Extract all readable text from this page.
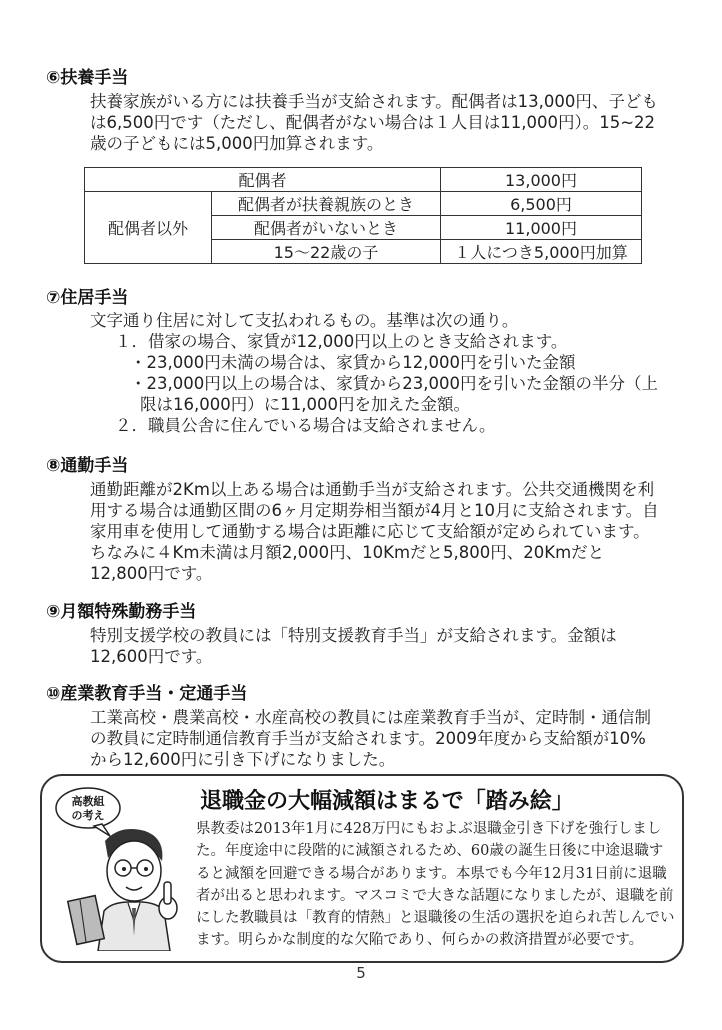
⑥扶養手当
扶養家族がいる方には扶養手当が支給されます。配偶者は13,000円、子ども
は6,500円です（ただし、配偶者がない場合は１人目は11,000円）。15~22
歳の子どもには5,000円加算されます。
配偶者		13,000円
配偶者以外	配偶者が扶養親族のとき	6,500円
	配偶者がいないとき	11,000円
	15～22歳の子	１人につき5,000円加算
⑦住居手当
文字通り住居に対して支払われるもの。基準は次の通り。
１．借家の場合、家賃が12,000円以上のとき支給されます。
・23,000円未満の場合は、家賃から12,000円を引いた金額
・23,000円以上の場合は、家賃から23,000円を引いた金額の半分（上
限は16,000円）に11,000円を加えた金額。
２．職員公舎に住んでいる場合は支給されません。
⑧通勤手当
通勤距離が2Km以上ある場合は通勤手当が支給されます。公共交通機関を利
用する場合は通勤区間の6ヶ月定期券相当額が4月と10月に支給されます。自
家用車を使用して通勤する場合は距離に応じて支給額が定められています。
ちなみに４Km未満は月額2,000円、10Kmだと5,800円、20Kmだと
12,800円です。
⑨月額特殊勤務手当
特別支援学校の教員には「特別支援教育手当」が支給されます。金額は
12,600円です。
⑩産業教育手当・定通手当
工業高校・農業高校・水産高校の教員には産業教育手当が、定時制・通信制
の教員に定時制通信教育手当が支給されます。2009年度から支給額が10%
から12,600円に引き下げになりました。
高教組
の考え
退職金の大幅減額はまるで「踏み絵」
県教委は2013年1月に428万円にもおよぶ退職金引き下げを強行しまし
た。年度途中に段階的に減額されるため、60歳の誕生日後に中途退職す
ると減額を回避できる場合があります。本県でも今年12月31日前に退職
者が出ると思われます。マスコミで大きな話題になりましたが、退職を前
にした教職員は「教育的情熱」と退職後の生活の選択を迫られ苦しんでい
ます。明らかな制度的な欠陥であり、何らかの救済措置が必要です。
5
